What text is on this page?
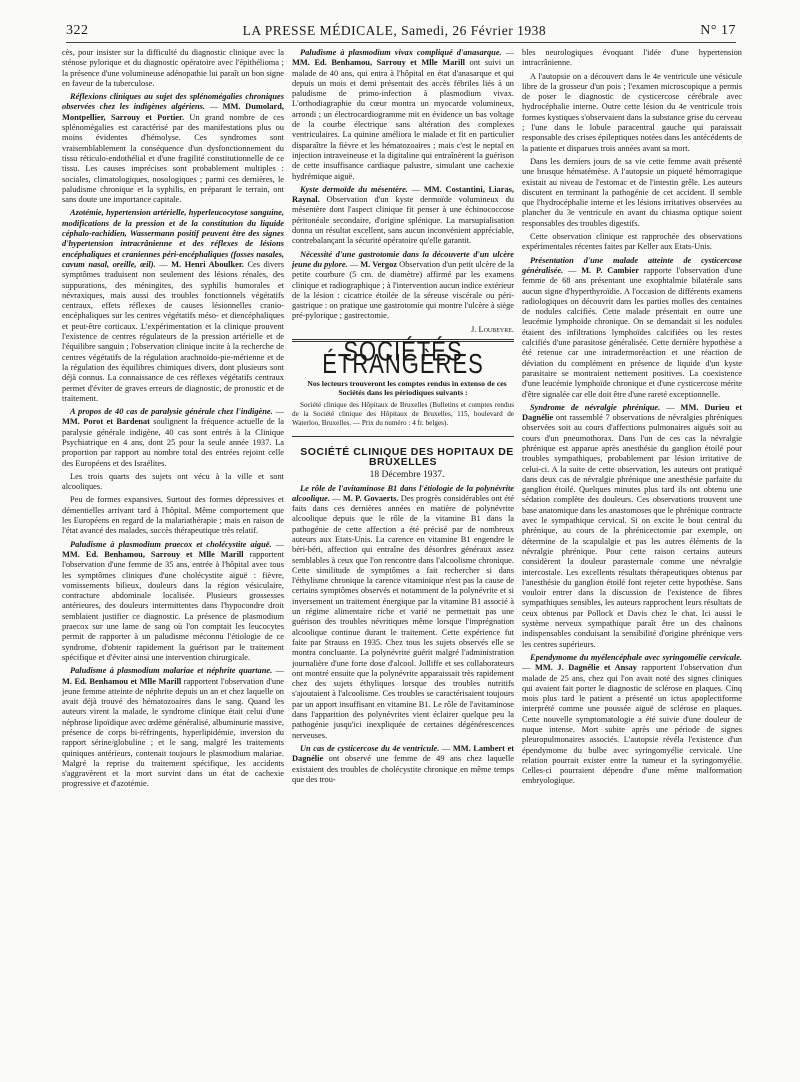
322	LA PRESSE MÉDICALE, Samedi, 26 Février 1938	N° 17

cès, pour insister sur la difficulté du diagnostic clinique avec la sténose pylorique et du diagnostic opératoire avec l'épithélioma ; la présence d'une volumineuse adénopathie lui paraît un bon signe en faveur de la tuberculose.

Réflexions cliniques au sujet des splénomégalies chroniques observées chez les indigènes algériens. — MM. Dumolard, Montpellier, Sarrouy et Portier. Un grand nombre de ces splénomégalies est caractérisé par des manifestations plus ou moins évidentes d'hémolyse. Ces syndromes sont vraisemblablement la conséquence d'un dysfonctionnement du tissu réticulo-endothélial et d'une fragilité constitutionnelle de ce tissu. Les causes imprécises sont probablement multiples : sociales, climatologiques, nosologiques ; parmi ces dernières, le paludisme chronique et la syphilis, en préparant le terrain, ont sans doute une importance capitale.

Azotémie, hypertension artérielle, hyperleucocytose sanguine, modifications de la pression et de la constitution du liquide céphalo-rachidien, Wassermann positif peuvent être des signes d'hypertension intracrânienne et des réflexes de lésions encéphaliques et craniennes péri-encéphaliques (fosses nasales, cavum nasal, oreille, œil). — M. Henri Aboulker. Ces divers symptômes traduisent non seulement des lésions rénales, des suppurations, des méningites, des syphilis humorales et névraxiques, mais aussi des troubles fonctionnels végétatifs centraux, effets réflexes de causes lésionnelles cranio-encéphaliques sur les centres végétatifs méso- et diencéphaliques et peut-être corticaux. L'expérimentation et la clinique prouvent l'existence de centres régulateurs de la pression artérielle et de l'équilibre sanguin ; l'observation clinique incite à la recherche de centres végétatifs de la régulation arachnoïdo-pie-mérienne et de la régulation des équilibres chimiques divers, dont plusieurs sont déjà connus. La connaissance de ces réflexes végétatifs centraux permet d'éviter de graves erreurs de diagnostic, de pronostic et de traitement.

A propos de 40 cas de paralysie générale chez l'indigène. — MM. Porot et Bardenat soulignent la fréquence actuelle de la paralysie générale indigène, 40 cas sont entrés à la Clinique Psychiatrique en 4 ans, dont 25 pour la seule année 1937. La proportion par rapport au nombre total des entrées rejoint celle des Européens et des Israélites.

Les trois quarts des sujets ont vécu à la ville et sont alcooliques.

Peu de formes expansives. Surtout des formes dépressives et démentielles arrivant tard à l'hôpital. Même comportement que les Européens en regard de la malariathérapie ; mais en raison de l'état avancé des malades, succès thérapeutique très relatif.

Paludisme à plasmodium praecox et cholécystite aiguë. — MM. Ed. Benhamou, Sarrouy et Mlle Marill rapportent l'observation d'une femme de 35 ans, entrée à l'hôpital avec tous les symptômes cliniques d'une cholécystite aiguë : fièvre, vomissements bilieux, douleurs dans la région vésiculaire, contracture abdominale localisée. Plusieurs grossesses antérieures, des douleurs intermittentes dans l'hypocondre droit semblaient justifier ce diagnostic. La présence de plasmodium praecox sur une lame de sang où l'on comptait les leucocytes permit de rapporter à un paludisme méconnu l'étiologie de ce syndrome, d'obtenir rapidement la guérison par le traitement spécifique et d'éviter ainsi une intervention chirurgicale.

Paludisme à plasmodium malariae et néphrite quartane. — M. Ed. Benhamou et Mlle Marill rapportent l'observation d'une jeune femme atteinte de néphrite depuis un an et chez laquelle on avait déjà trouvé des hématozoaires dans le sang. Quand les auteurs virent la malade, le syndrome clinique était celui d'une néphrose lipoïdique avec œdème généralisé, albuminurie massive, présence de corps bi-réfringents, hyperlipidémie, inversion du rapport sérine/globuline ; et le sang, malgré les traitements quiniques antérieurs, contenait toujours le plasmodium malariae. Malgré la reprise du traitement spécifique, les accidents s'aggravèrent et la mort survint dans un état de cachexie progressive et d'azotémie.

Paludisme à plasmodium vivax compliqué d'anasarque. — MM. Ed. Benhamou, Sarrouy et Mlle Marill ont suivi un malade de 40 ans, qui entra à l'hôpital en état d'anasarque et qui depuis un mois et demi présentait des accès fébriles liés à un paludisme de primo-infection à plasmodium vivax. L'orthodiagraphie du cœur montra un myocarde volumineux, arrondi ; un électrocardiogramme mit en évidence un bas voltage de la courbe électrique sans altération des complexes ventriculaires. La quinine améliora le malade et fit en particulier disparaître la fièvre et les hématozoaires ; mais c'est le neptal en injection intraveineuse et la digitaline qui entraînèrent la guérison de cette insuffisance cardiaque palustre, simulant une cachexie hydrémique aiguë.

Kyste dermoïde du mésentère. — MM. Costantini, Liaras, Raynal. Observation d'un kyste dermoïde volumineux du mésentère dont l'aspect clinique fit penser à une échinococcose péritonéale secondaire, d'origine splénique. La marsupialisation donna un résultat excellent, sans aucun inconvénient appréciable, contrebalançant la sécurité opératoire qu'elle garantit.

Nécessité d'une gastrotomie dans la découverte d'un ulcère jeune du pylore. — M. Vergoz Observation d'un petit ulcère de la petite courbure (5 cm. de diamètre) affirmé par les examens clinique et radiographique ; à l'intervention aucun indice extérieur de la lésion : cicatrice étoilée de la séreuse viscérale ou péri-gastrique : on pratique une gastrotomie qui montre l'ulcère à siège pré-pylorique ; gastrectomie.

J. Loubeyre.

SOCIÉTÉS ÉTRANGÈRES

Nos lecteurs trouveront les comptes rendus in extenso de ces Sociétés dans les périodiques suivants :

Société clinique des Hôpitaux de Bruxelles (Bulletins et comptes rendus de la Société clinique des Hôpitaux de Bruxelles, 115, boulevard de Waterloo, Bruxelles. — Prix du numéro : 4 fr. belges).

SOCIÉTÉ CLINIQUE DES HOPITAUX DE BRUXELLES

18 Décembre 1937.

Le rôle de l'avitaminose B1 dans l'étiologie de la polynévrite alcoolique. — M. P. Govaerts. Des progrès considérables ont été faits dans ces dernières années en matière de polynévrite alcoolique depuis que le rôle de la vitamine B1 dans la pathogénie de cette affection a été précisé par de nombreux auteurs aux Etats-Unis. La carence en vitamine B1 engendre le béri-béri, affection qui entraîne des désordres généraux assez semblables à ceux que l'on rencontre dans l'alcoolisme chronique. Cette similitude de symptômes a fait rechercher si dans l'éthylisme chronique la carence vitaminique n'est pas la cause de certains symptômes observés et notamment de la polynévrite et si inversement un traitement énergique par la vitamine B1 associé à un régime alimentaire riche et varié ne permettait pas une guérison des troubles névritiques même lorsque l'imprégnation alcoolique continue durant le traitement. Cette expérience fut faite par Strauss en 1935. Chez tous les sujets observés elle se montra concluante. La polynévrite guérit malgré l'administration journalière d'une forte dose d'alcool. Jolliffe et ses collaborateurs ont montré ensuite que la polynévrite apparaissait très rapidement chez des sujets éthyliques lorsque des troubles nutritifs s'ajoutaient à l'alcoolisme. Ces troubles se caractérisaient toujours par un apport insuffisant en vitamine B1. Le rôle de l'avitaminose dans l'apparition des polynévrites vient éclairer quelque peu la pathogénie jusqu'ici inexpliquée de certaines dégénérescences nerveuses.

Un cas de cysticercose du 4e ventricule. — MM. Lambert et Dagnélie ont observé une femme de 49 ans chez laquelle existaient des troubles de cholécystite chronique en même temps que des trou-

bles neurologiques évoquant l'idée d'une hypertension intracrânienne.

A l'autopsie on a découvert dans le 4e ventricule une vésicule libre de la grosseur d'un pois ; l'examen microscopique a permis de poser le diagnostic de cysticercose cérébrale avec hydrocéphalie interne. Outre cette lésion du 4e ventricule trois formes kystiques s'observaient dans la substance grise du cerveau ; l'une dans le lobule paracentral gauche qui paraissait responsable des crises épileptiques notées dans les antécédents de la patiente et disparues trois années avant sa mort.

Dans les derniers jours de sa vie cette femme avait présenté une brusque hématémèse. A l'autopsie un piqueté hémorragique existait au niveau de l'estomac et de l'intestin grêle. Les auteurs discutent en terminant la pathogénie de cet accident. Il semble que l'hydrocéphalie interne et les lésions irritatives observées au plancher du 3e ventricule en avant du chiasma optique soient responsables des troubles digestifs.

Cette observation clinique est rapprochée des observations expérimentales récentes faites par Keller aux Etats-Unis.

Présentation d'une malade atteinte de cysticercose généralisée. — M. P. Cambier rapporte l'observation d'une femme de 68 ans présentant une exophtalmie bilatérale sans aucun signe d'hyperthyroïdie. A l'occasion de différents examens radiologiques on découvrit dans les parties molles des centaines de nodules calcifiés. Cette malade présentait en outre une leucémie lymphoïde chronique. On se demandait si les nodules étaient des infiltrations lymphoïdes calcifiées ou les restes calcifiés d'une parasitose généralisée. Cette dernière hypothèse a été retenue car une intradermoréaction et une réaction de déviation du complément en présence de liquide d'un kyste parasitaire se montraient nettement positives. La coexistence d'une leucémie lymphoïde chronique et d'une cysticercose mérite d'être signalée car elle doit être d'une rareté exceptionnelle.

Syndrome de névralgie phrénique. — MM. Durieu et Dagnélie ont rassemblé 7 observations de névralgies phréniques observées soit au cours d'affections pulmonaires aiguës soit au cours d'un pneumothorax. Dans l'un de ces cas la névralgie phrénique est apparue après anesthésie du ganglion étoilé pour troubles sympathiques, probablement par lésion irritative de celui-ci. A la suite de cette observation, les auteurs ont pratiqué dans deux cas de névralgie phrénique une anesthésie parfaite du ganglion étoilé. Quelques minutes plus tard ils ont obtenu une sédation complète des douleurs. Ces observations trouvent une base anatomique dans les anastomoses que le phrénique contracte avec le sympathique cervical. Si on excite le bout central du phrénique, au cours de la phrénicectomie par exemple, on détermine de la scapulalgie et pas les autres éléments de la névralgie phrénique. Pour cette raison certains auteurs considèrent la douleur parasternale comme une névralgie intercostale. Les excellents résultats thérapeutiques obtenus par l'anesthésie du ganglion étoilé font rejeter cette hypothèse. Sans vouloir entrer dans la discussion de l'existence de fibres sympathiques sensibles, les auteurs rapprochent leurs résultats de ceux obtenus par Pollock et Davis chez le chat. Ici aussi le système nerveux sympathique paraît être un des chaînons indispensables conduisant la sensibilité d'origine phrénique vers les centres supérieurs.

Ependymome du myélencéphale avec syringomélie cervicale. — MM. J. Dagnélie et Ansay rapportent l'observation d'un malade de 25 ans, chez qui l'on avait noté des signes cliniques qui avaient fait porter le diagnostic de sclérose en plaques. Cinq mois plus tard le patient a présenté un ictus apoplectiforme interprété comme une poussée aiguë de sclérose en plaques. Cette nouvelle symptomatologie a été suivie d'une douleur de nuque intense. Mort subite après une période de signes pleuropulmonaires associés. L'autopsie révéla l'existence d'un épendymome du bulbe avec syringomyélie cervicale. Une relation pourrait exister entre la tumeur et la syringomyélie. Celles-ci pourraient dépendre d'une même malformation embryologique.
